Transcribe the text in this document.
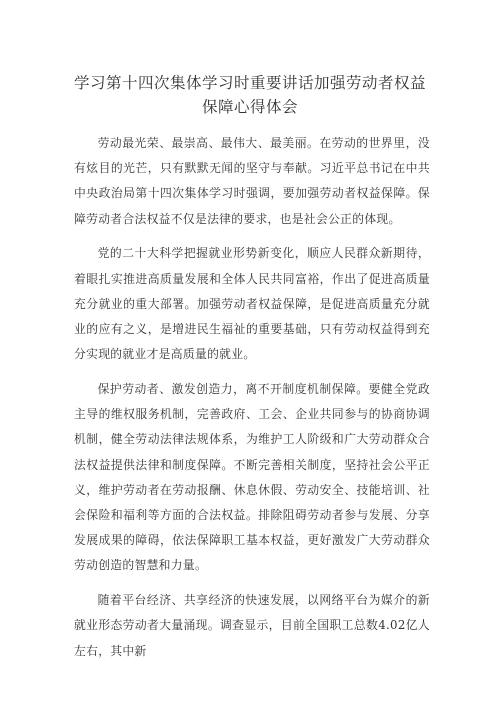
学习第十四次集体学习时重要讲话加强劳动者权益
保障心得体会

劳动最光荣、最崇高、最伟大、最美丽。在劳动的世界里，没有炫目的光芒，只有默默无闻的坚守与奉献。习近平总书记在中共中央政治局第十四次集体学习时强调，要加强劳动者权益保障。保障劳动者合法权益不仅是法律的要求，也是社会公正的体现。

党的二十大科学把握就业形势新变化，顺应人民群众新期待，着眼扎实推进高质量发展和全体人民共同富裕，作出了促进高质量充分就业的重大部署。加强劳动者权益保障，是促进高质量充分就业的应有之义，是增进民生福祉的重要基础，只有劳动权益得到充分实现的就业才是高质量的就业。

保护劳动者、激发创造力，离不开制度机制保障。要健全党政主导的维权服务机制，完善政府、工会、企业共同参与的协商协调机制，健全劳动法律法规体系，为维护工人阶级和广大劳动群众合法权益提供法律和制度保障。不断完善相关制度，坚持社会公平正义，维护劳动者在劳动报酬、休息休假、劳动安全、技能培训、社会保险和福利等方面的合法权益。排除阻碍劳动者参与发展、分享发展成果的障碍，依法保障职工基本权益，更好激发广大劳动群众劳动创造的智慧和力量。

随着平台经济、共享经济的快速发展，以网络平台为媒介的新就业形态劳动者大量涌现。调查显示，目前全国职工总数4.02亿人左右，其中新
